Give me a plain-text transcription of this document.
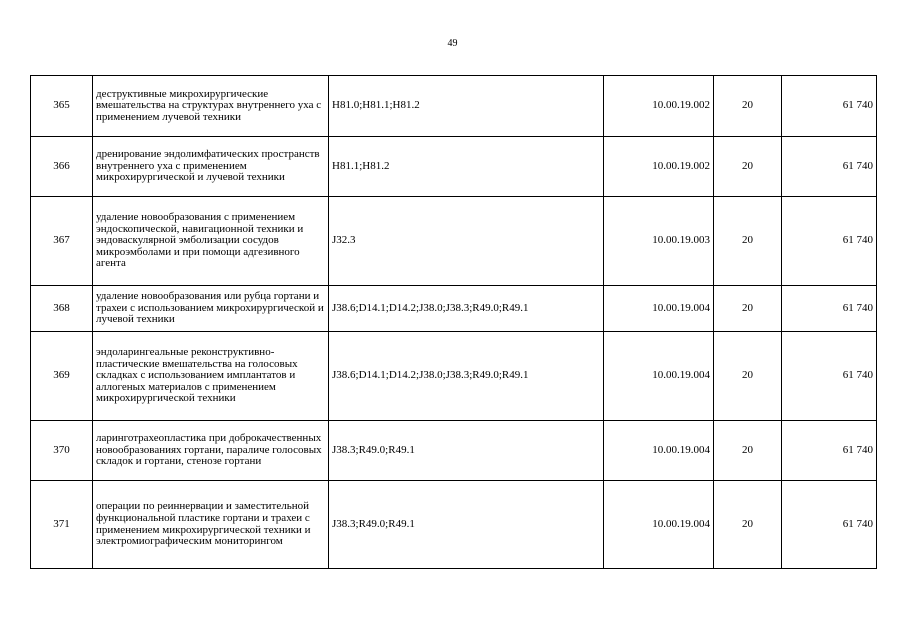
49
365	деструктивные микрохирургические вмешательства на структурах внутреннего уха с применением лучевой техники	H81.0;H81.1;H81.2	10.00.19.002	20	61 740
366	дренирование эндолимфатических пространств внутреннего уха с применением микрохирургической и лучевой техники	H81.1;H81.2	10.00.19.002	20	61 740
367	удаление новообразования с применением эндоскопической, навигационной техники и эндоваскулярной эмболизации сосудов микроэмболами и при помощи адгезивного агента	J32.3	10.00.19.003	20	61 740
368	удаление новообразования или рубца гортани и трахеи с использованием микрохирургической и лучевой техники	J38.6;D14.1;D14.2;J38.0;J38.3;R49.0;R49.1	10.00.19.004	20	61 740
369	эндоларингеальные реконструктивно-пластические вмешательства на голосовых складках с использованием имплантатов и аллогеных материалов с применением микрохирургической техники	J38.6;D14.1;D14.2;J38.0;J38.3;R49.0;R49.1	10.00.19.004	20	61 740
370	ларинготрахеопластика при доброкачественных новообразованиях гортани, параличе голосовых складок и гортани, стенозе гортани	J38.3;R49.0;R49.1	10.00.19.004	20	61 740
371	операции по реиннервации и заместительной функциональной пластике гортани и трахеи с применением микрохирургической техники и электромиографическим мониторингом	J38.3;R49.0;R49.1	10.00.19.004	20	61 740
